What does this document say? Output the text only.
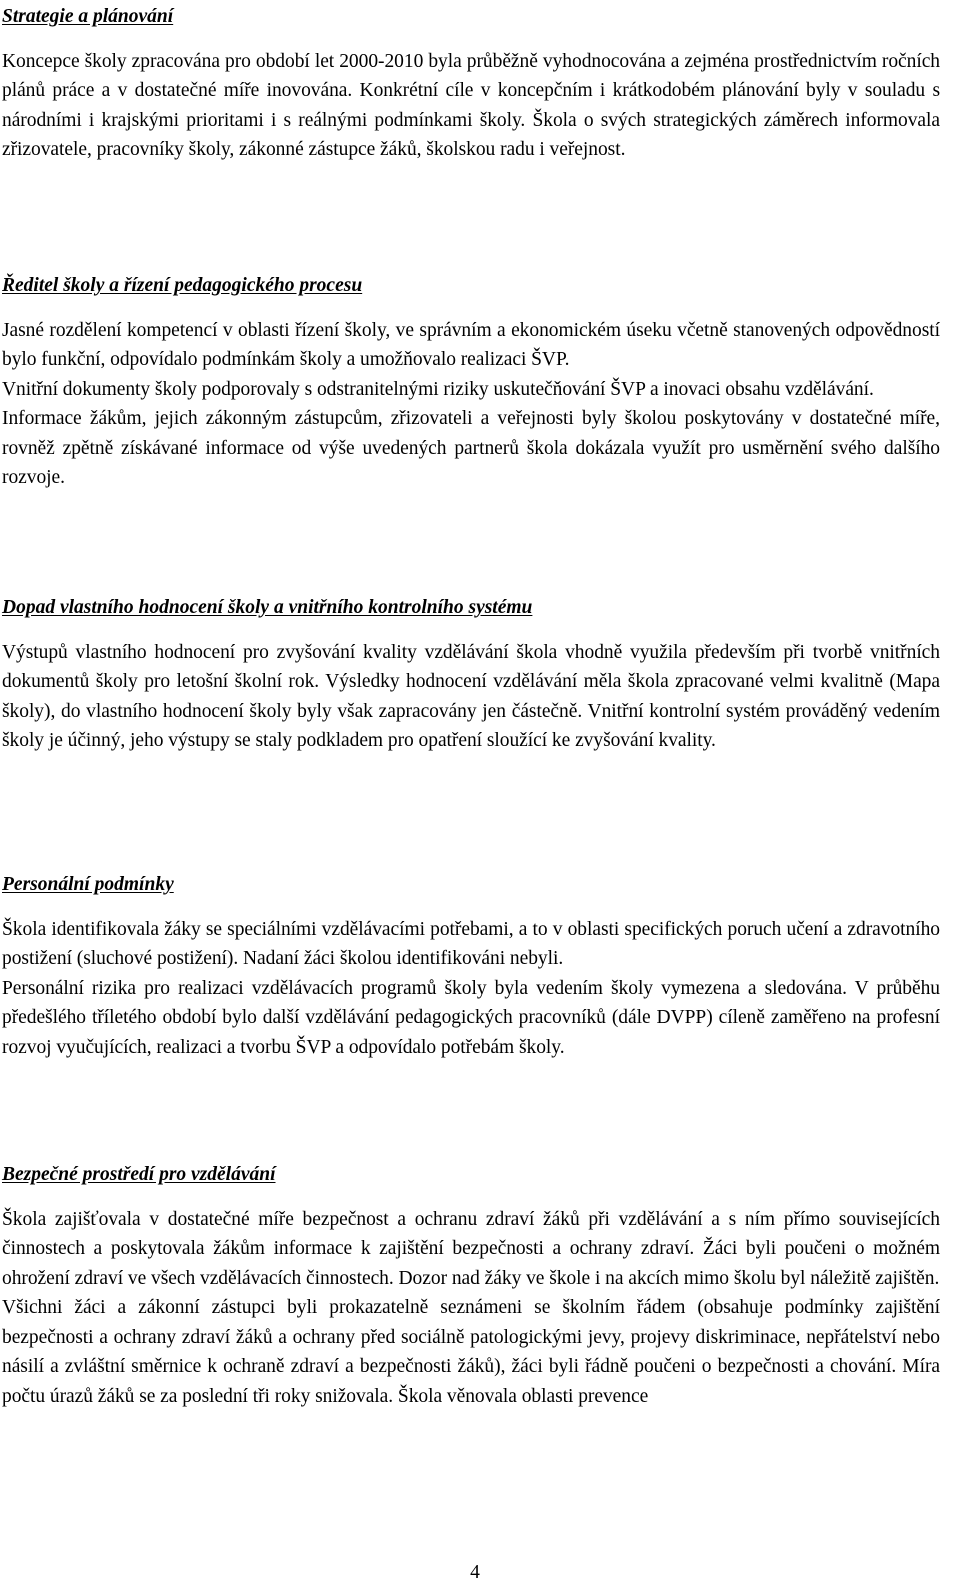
Strategie a plánování

Koncepce školy zpracována pro období let 2000-2010 byla průběžně vyhodnocována a zejména prostřednictvím ročních plánů práce a v dostatečné míře inovována. Konkrétní cíle v koncepčním i krátkodobém plánování byly v souladu s národními i krajskými prioritami i s reálnými podmínkami školy. Škola o svých strategických záměrech informovala zřizovatele, pracovníky školy, zákonné zástupce žáků, školskou radu i veřejnost.

Ředitel školy a řízení pedagogického procesu

Jasné rozdělení kompetencí v oblasti řízení školy, ve správním a ekonomickém úseku včetně stanovených odpovědností bylo funkční, odpovídalo podmínkám školy a umožňovalo realizaci ŠVP.

Vnitřní dokumenty školy podporovaly s odstranitelnými riziky uskutečňování ŠVP a inovaci obsahu vzdělávání.

Informace žákům, jejich zákonným zástupcům, zřizovateli a veřejnosti byly školou poskytovány v dostatečné míře, rovněž zpětně získávané informace od výše uvedených partnerů škola dokázala využít pro usměrnění svého dalšího rozvoje.

Dopad vlastního hodnocení školy a vnitřního kontrolního systému

Výstupů vlastního hodnocení pro zvyšování kvality vzdělávání škola vhodně využila především při tvorbě vnitřních dokumentů školy pro letošní školní rok. Výsledky hodnocení vzdělávání měla škola zpracované velmi kvalitně (Mapa školy), do vlastního hodnocení školy byly však zapracovány jen částečně. Vnitřní kontrolní systém prováděný vedením školy je účinný, jeho výstupy se staly podkladem pro opatření sloužící ke zvyšování kvality.

Personální podmínky

Škola identifikovala žáky se speciálními vzdělávacími potřebami, a to v oblasti specifických poruch učení a zdravotního postižení (sluchové postižení). Nadaní žáci školou identifikováni nebyli.

Personální rizika pro realizaci vzdělávacích programů školy byla vedením školy vymezena a sledována. V průběhu předešlého tříletého období bylo další vzdělávání pedagogických pracovníků (dále DVPP) cíleně zaměřeno na profesní rozvoj vyučujících, realizaci a tvorbu ŠVP a odpovídalo potřebám školy.

Bezpečné prostředí pro vzdělávání

Škola zajišťovala v dostatečné míře bezpečnost a ochranu zdraví žáků při vzdělávání a s ním přímo souvisejících činnostech a poskytovala žákům informace k zajištění bezpečnosti a ochrany zdraví. Žáci byli poučeni o možném ohrožení zdraví ve všech vzdělávacích činnostech. Dozor nad žáky ve škole i na akcích mimo školu byl náležitě zajištěn.

Všichni žáci a zákonní zástupci byli prokazatelně seznámeni se školním řádem (obsahuje podmínky zajištění bezpečnosti a ochrany zdraví žáků a ochrany před sociálně patologickými jevy, projevy diskriminace, nepřátelství nebo násilí a zvláštní směrnice k ochraně zdraví a bezpečnosti žáků), žáci byli řádně poučeni o bezpečnosti a chování. Míra počtu úrazů žáků se za poslední tři roky snižovala. Škola věnovala oblasti prevence

4
